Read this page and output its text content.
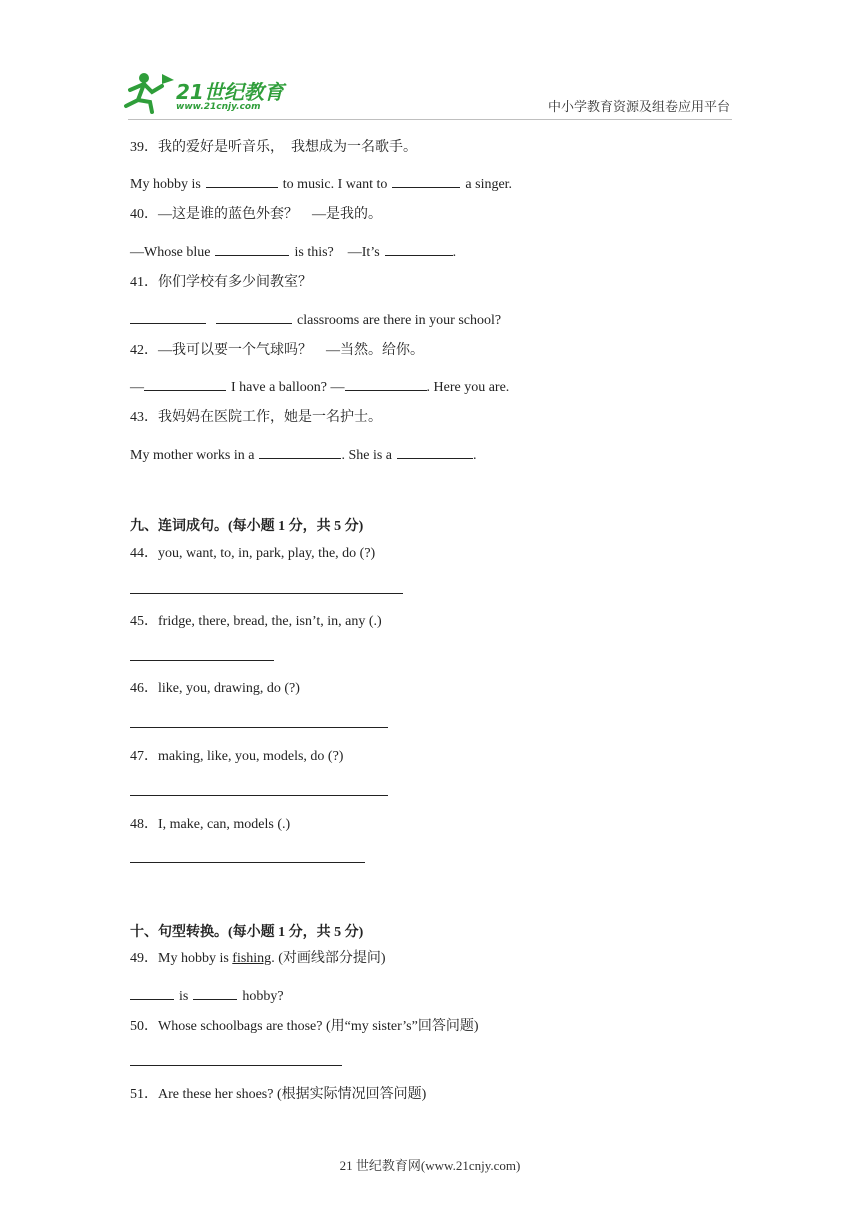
21世纪教育
www.21cnjy.com	中小学教育资源及组卷应用平台
39．我的爱好是听音乐，　我想成为一名歌手。
My hobby is	to music. I want to	a singer.
40．—这是谁的蓝色外套？　—是我的。
—Whose blue	is this?　—It’s	.
41．你们学校有多少间教室？
classrooms are there in your school?
42．—我可以要一个气球吗？　—当然。给你。
—	I have a balloon? —	. Here you are.
43．我妈妈在医院工作，她是一名护士。
My mother works in a	. She is a	.
九、连词成句。(每小题 1 分，共 5 分)
44．you, want, to, in, park, play, the, do (?)
45．fridge, there, bread, the, isn’t, in, any (.)
46．like, you, drawing, do (?)
47．making, like, you, models, do (?)
48．I, make, can, models (.)
十、句型转换。(每小题 1 分，共 5 分)
49．My hobby is fishing. (对画线部分提问)
is	hobby?
50．Whose schoolbags are those? (用“my sister’s”回答问题)
51．Are these her shoes? (根据实际情况回答问题)
21 世纪教育网(www.21cnjy.com)
